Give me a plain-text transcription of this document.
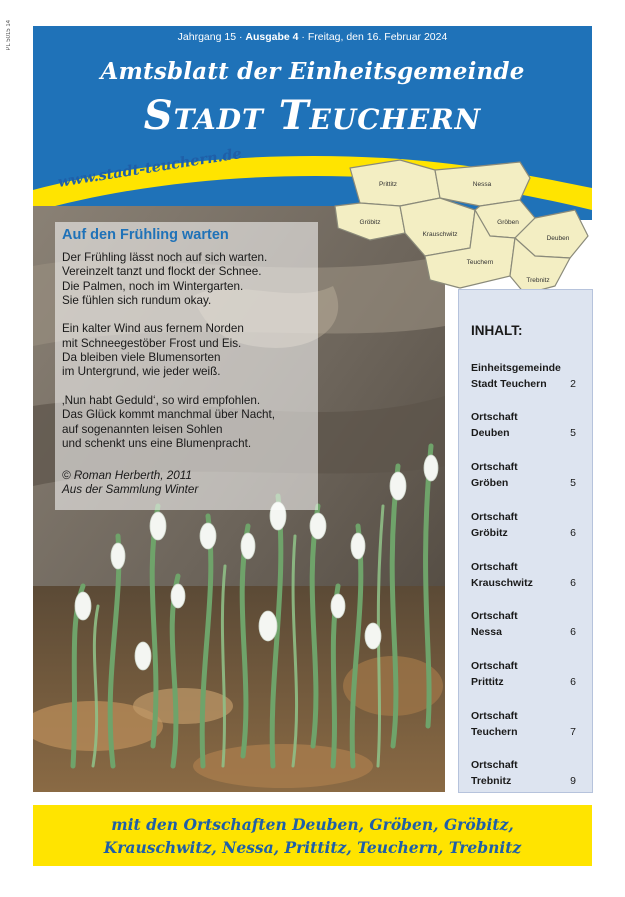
PL 5015 14	Jahrgang 15 · Ausgabe 4 · Freitag, den 16. Februar 2024
Amtsblatt der Einheitsgemeinde
Stadt Teuchern
www.stadt-teuchern.de
Auf den Frühling warten
Der Frühling lässt noch auf sich warten.
Vereinzelt tanzt und flockt der Schnee.
Die Palmen, noch im Wintergarten.
Sie fühlen sich rundum okay.
Ein kalter Wind aus fernem Norden
mit Schneegestöber Frost und Eis.
Da bleiben viele Blumensorten
im Untergrund, wie jeder weiß.
‚Nun habt Geduld‘, so wird empfohlen.
Das Glück kommt manchmal über Nacht,
auf sogenannten leisen Sohlen
und schenkt uns eine Blumenpracht.
© Roman Herberth, 2011
Aus der Sammlung Winter
Prittitz	Nessa
Gröbitz	Gröben
Krauschwitz
Deuben
Teuchern
Trebnitz
INHALT:
Einheitsgemeinde
Stadt Teuchern 2
Ortschaft
Deuben	5
Ortschaft
Gröben	5
Ortschaft
Gröbitz	6
Ortschaft
Krauschwitz	6
Ortschaft
Nessa	6
Ortschaft
Prittitz	6
Ortschaft
Teuchern	7
Ortschaft
Trebnitz	9
mit den Ortschaften Deuben, Gröben, Gröbitz,
Krauschwitz, Nessa, Prittitz, Teuchern, Trebnitz
